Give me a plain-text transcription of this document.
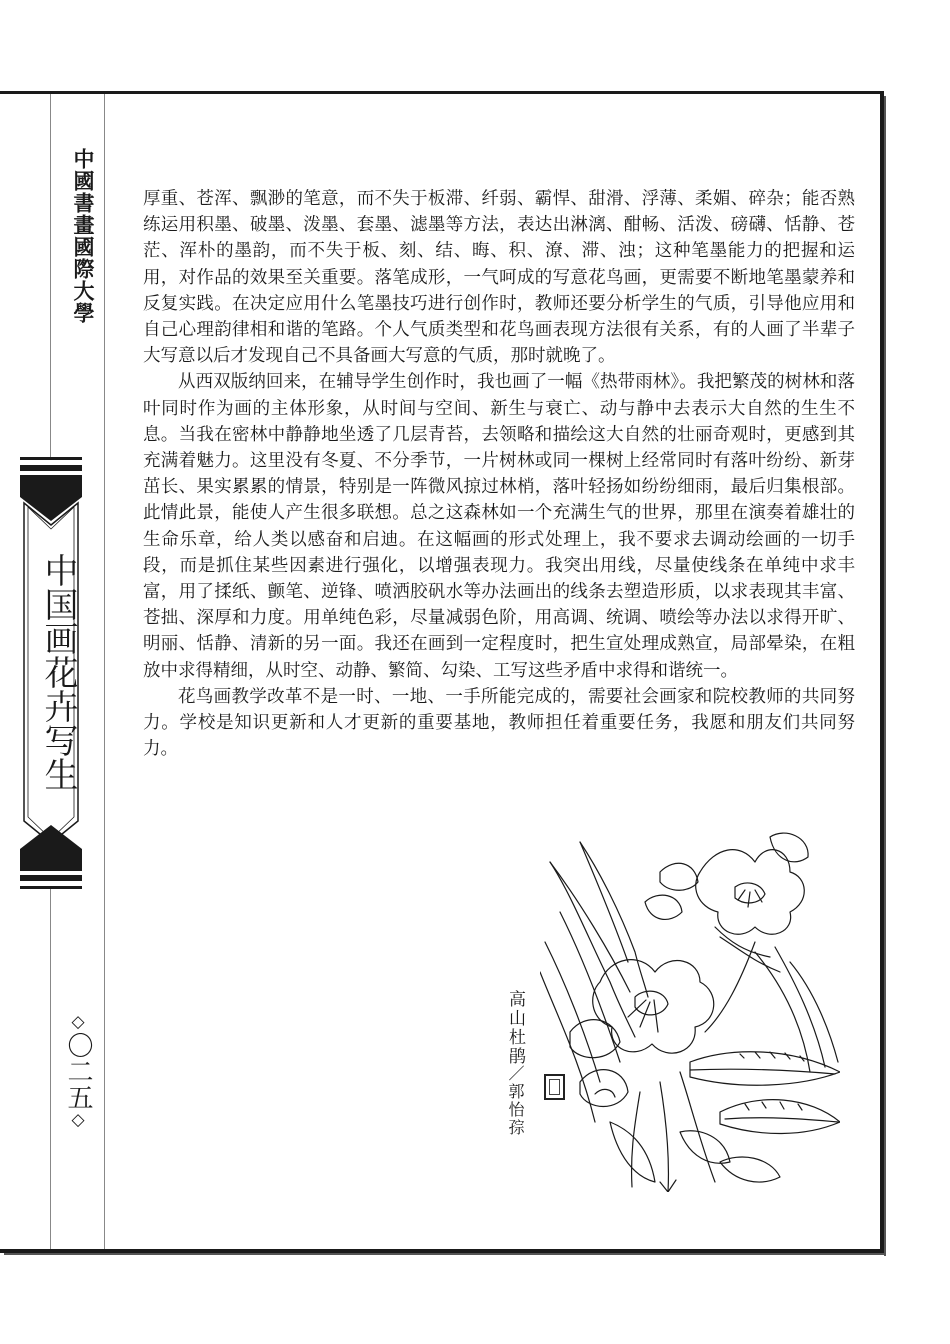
中國書畫國際大學
中国画花卉写生
◇〇二五◇

厚重、苍浑、飘渺的笔意，而不失于板滞、纤弱、霸悍、甜滑、浮薄、柔媚、碎杂；能否熟练运用积墨、破墨、泼墨、套墨、滤墨等方法，表达出淋漓、酣畅、活泼、磅礴、恬静、苍茫、浑朴的墨韵，而不失于板、刻、结、晦、积、潦、滞、浊；这种笔墨能力的把握和运用，对作品的效果至关重要。落笔成形，一气呵成的写意花鸟画，更需要不断地笔墨蒙养和反复实践。在决定应用什么笔墨技巧进行创作时，教师还要分析学生的气质，引导他应用和自己心理韵律相和谐的笔路。个人气质类型和花鸟画表现方法很有关系，有的人画了半辈子大写意以后才发现自己不具备画大写意的气质，那时就晚了。

从西双版纳回来，在辅导学生创作时，我也画了一幅《热带雨林》。我把繁茂的树林和落叶同时作为画的主体形象，从时间与空间、新生与衰亡、动与静中去表示大自然的生生不息。当我在密林中静静地坐透了几层青苔，去领略和描绘这大自然的壮丽奇观时，更感到其充满着魅力。这里没有冬夏、不分季节，一片树林或同一棵树上经常同时有落叶纷纷、新芽茁长、果实累累的情景，特别是一阵微风掠过林梢，落叶轻扬如纷纷细雨，最后归集根部。此情此景，能使人产生很多联想。总之这森林如一个充满生气的世界，那里在演奏着雄壮的生命乐章，给人类以感奋和启迪。在这幅画的形式处理上，我不要求去调动绘画的一切手段，而是抓住某些因素进行强化，以增强表现力。我突出用线，尽量使线条在单纯中求丰富，用了揉纸、颤笔、逆锋、喷洒胶矾水等办法画出的线条去塑造形质，以求表现其丰富、苍拙、深厚和力度。用单纯色彩，尽量减弱色阶，用高调、统调、喷绘等办法以求得开旷、明丽、恬静、清新的另一面。我还在画到一定程度时，把生宣处理成熟宣，局部晕染，在粗放中求得精细，从时空、动静、繁简、勾染、工写这些矛盾中求得和谐统一。

花鸟画教学改革不是一时、一地、一手所能完成的，需要社会画家和院校教师的共同努力。学校是知识更新和人才更新的重要基地，教师担任着重要任务，我愿和朋友们共同努力。

高山杜鹃
／郭怡孮
